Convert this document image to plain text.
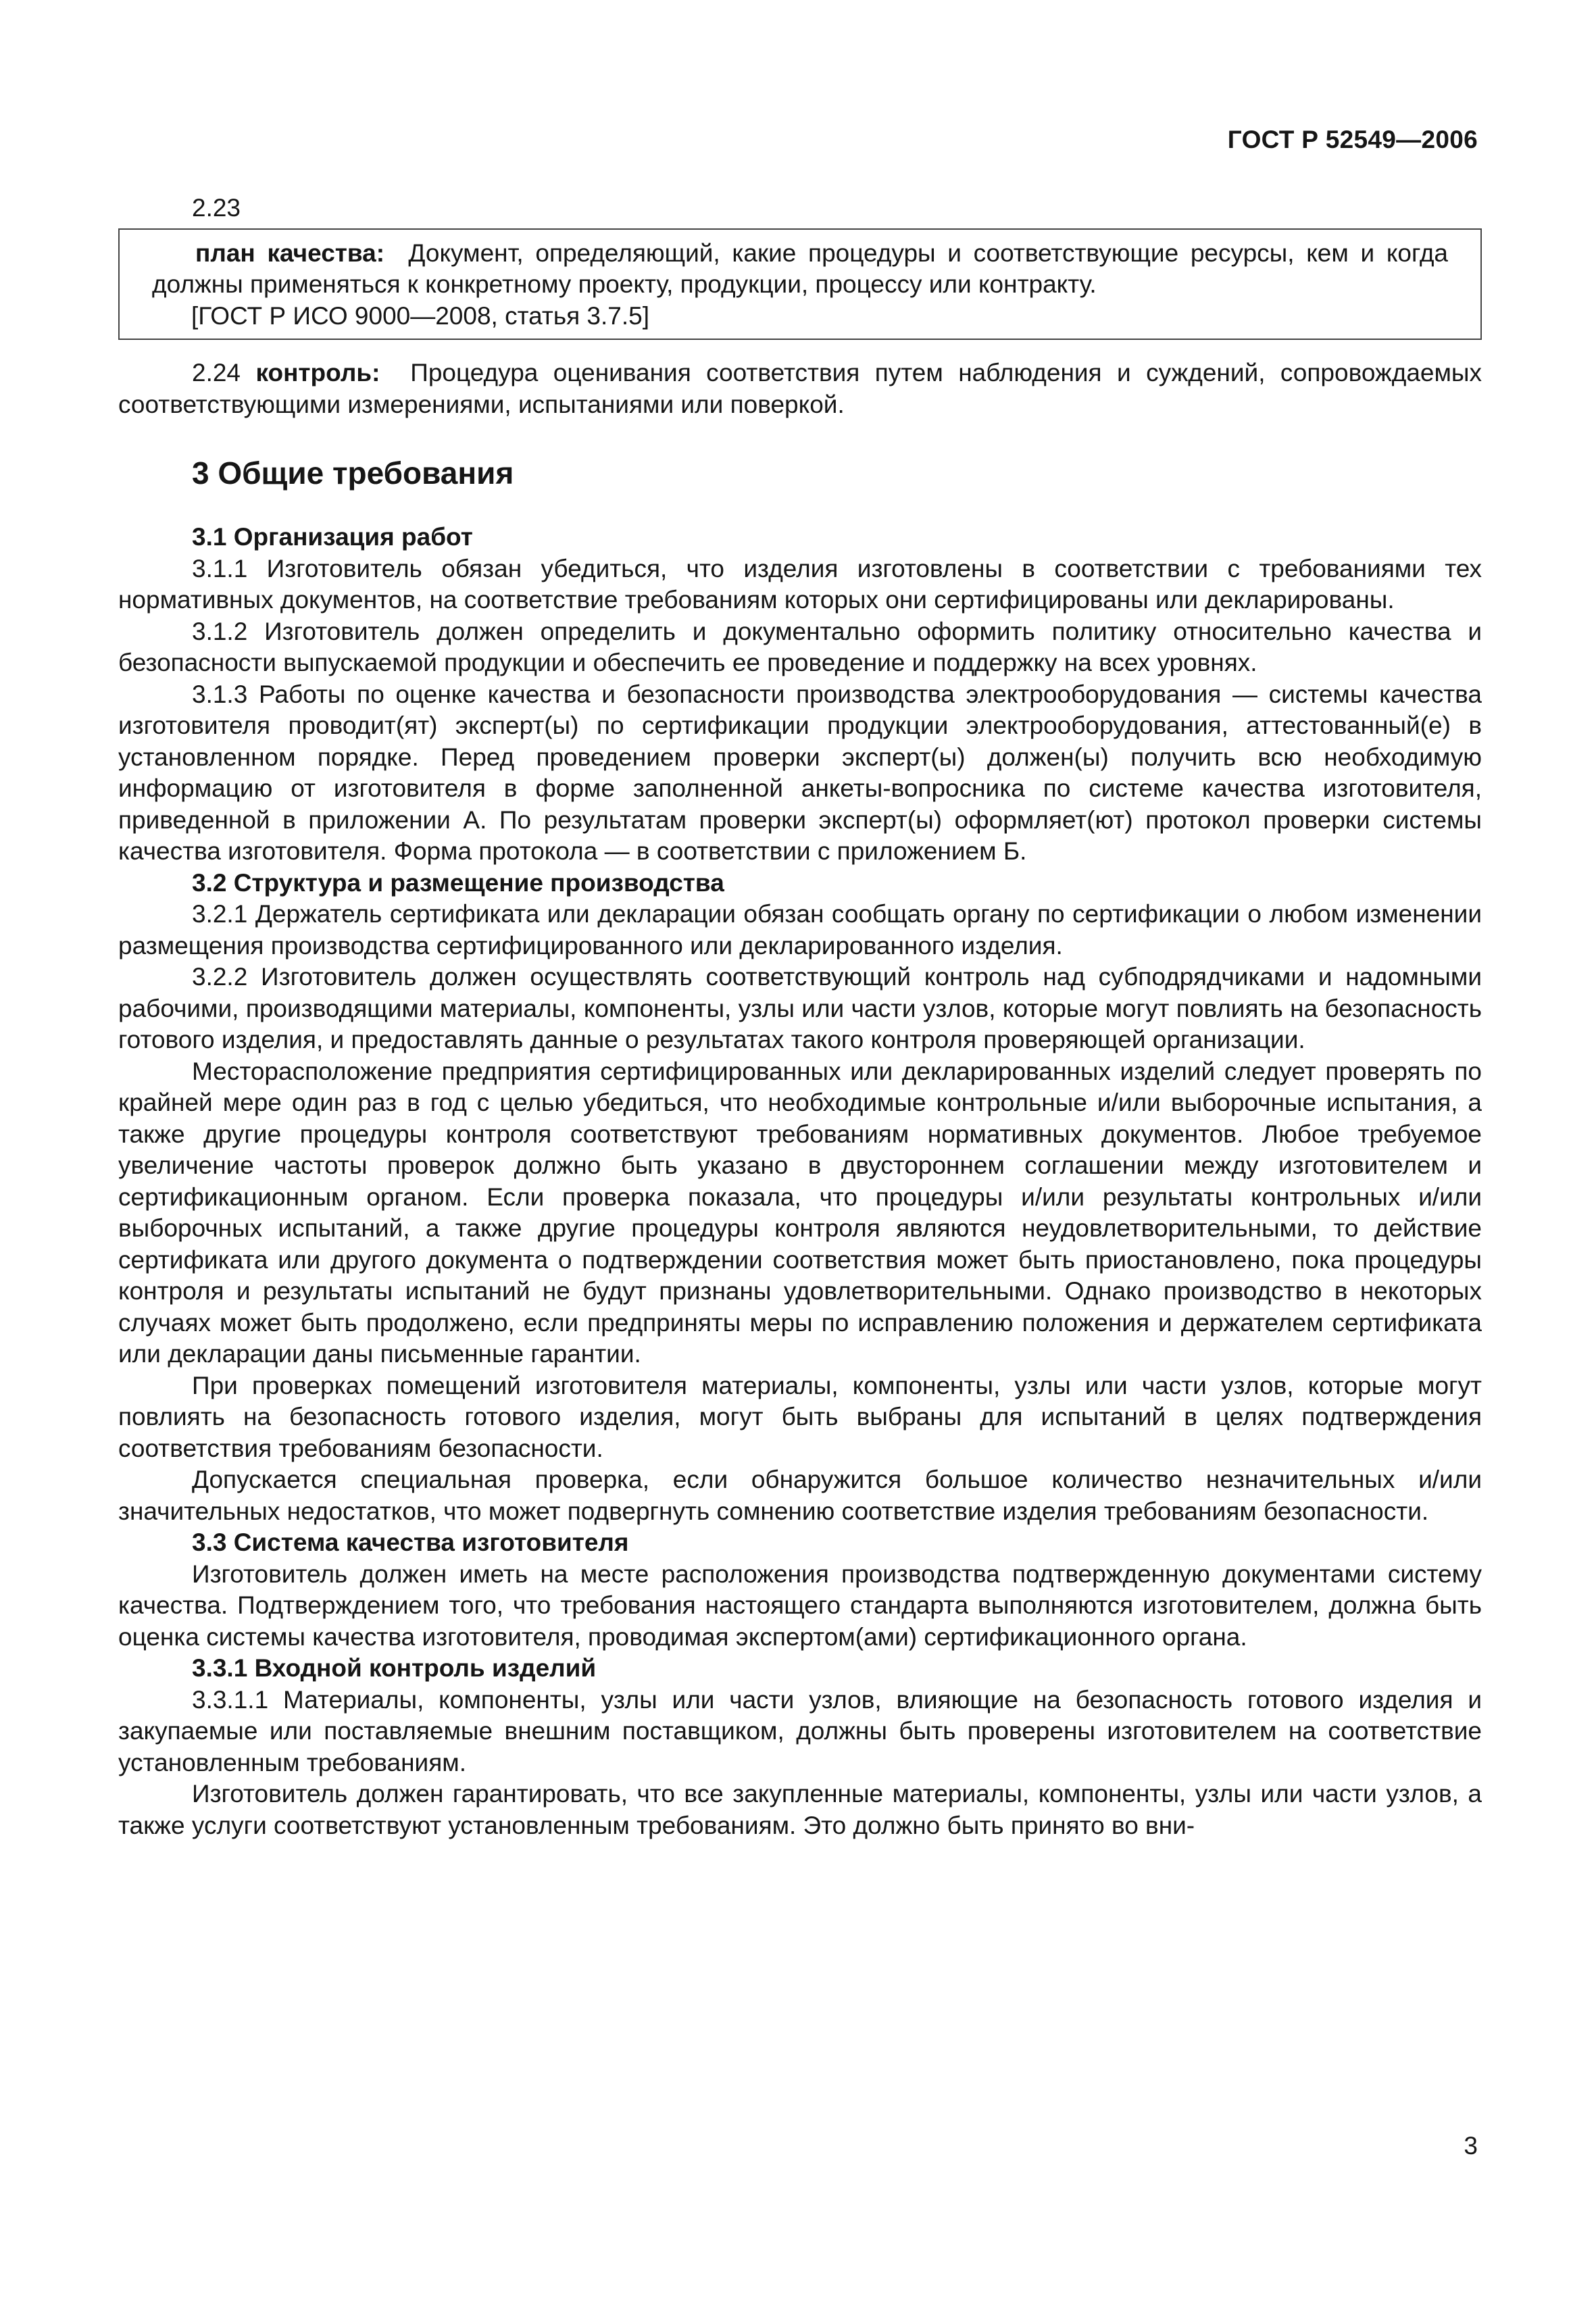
ГОСТ Р 52549—2006

2.23

план качества: Документ, определяющий, какие процедуры и соответствующие ресурсы, кем и когда должны применяться к конкретному проекту, продукции, процессу или контракту.

[ГОСТ Р ИСО 9000—2008, статья 3.7.5]

2.24 контроль: Процедура оценивания соответствия путем наблюдения и суждений, сопровождаемых соответствующими измерениями, испытаниями или поверкой.

3 Общие требования
3.1 Организация работ

3.1.1 Изготовитель обязан убедиться, что изделия изготовлены в соответствии с требованиями тех нормативных документов, на соответствие требованиям которых они сертифицированы или декларированы.

3.1.2 Изготовитель должен определить и документально оформить политику относительно качества и безопасности выпускаемой продукции и обеспечить ее проведение и поддержку на всех уровнях.

3.1.3 Работы по оценке качества и безопасности производства электрооборудования — системы качества изготовителя проводит(ят) эксперт(ы) по сертификации продукции электрооборудования, аттестованный(е) в установленном порядке. Перед проведением проверки эксперт(ы) должен(ы) получить всю необходимую информацию от изготовителя в форме заполненной анкеты-вопросника по системе качества изготовителя, приведенной в приложении А. По результатам проверки эксперт(ы) оформляет(ют) протокол проверки системы качества изготовителя. Форма протокола — в соответствии с приложением Б.

3.2 Структура и размещение производства

3.2.1 Держатель сертификата или декларации обязан сообщать органу по сертификации о любом изменении размещения производства сертифицированного или декларированного изделия.

3.2.2 Изготовитель должен осуществлять соответствующий контроль над субподрядчиками и надомными рабочими, производящими материалы, компоненты, узлы или части узлов, которые могут повлиять на безопасность готового изделия, и предоставлять данные о результатах такого контроля проверяющей организации.

Месторасположение предприятия сертифицированных или декларированных изделий следует проверять по крайней мере один раз в год с целью убедиться, что необходимые контрольные и/или выборочные испытания, а также другие процедуры контроля соответствуют требованиям нормативных документов. Любое требуемое увеличение частоты проверок должно быть указано в двустороннем соглашении между изготовителем и сертификационным органом. Если проверка показала, что процедуры и/или результаты контрольных и/или выборочных испытаний, а также другие процедуры контроля являются неудовлетворительными, то действие сертификата или другого документа о подтверждении соответствия может быть приостановлено, пока процедуры контроля и результаты испытаний не будут признаны удовлетворительными. Однако производство в некоторых случаях может быть продолжено, если предприняты меры по исправлению положения и держателем сертификата или декларации даны письменные гарантии.

При проверках помещений изготовителя материалы, компоненты, узлы или части узлов, которые могут повлиять на безопасность готового изделия, могут быть выбраны для испытаний в целях подтверждения соответствия требованиям безопасности.

Допускается специальная проверка, если обнаружится большое количество незначительных и/или значительных недостатков, что может подвергнуть сомнению соответствие изделия требованиям безопасности.

3.3 Система качества изготовителя

Изготовитель должен иметь на месте расположения производства подтвержденную документами систему качества. Подтверждением того, что требования настоящего стандарта выполняются изготовителем, должна быть оценка системы качества изготовителя, проводимая экспертом(ами) сертификационного органа.

3.3.1 Входной контроль изделий

3.3.1.1 Материалы, компоненты, узлы или части узлов, влияющие на безопасность готового изделия и закупаемые или поставляемые внешним поставщиком, должны быть проверены изготовителем на соответствие установленным требованиям.

Изготовитель должен гарантировать, что все закупленные материалы, компоненты, узлы или части узлов, а также услуги соответствуют установленным требованиям. Это должно быть принято во вни-

3
